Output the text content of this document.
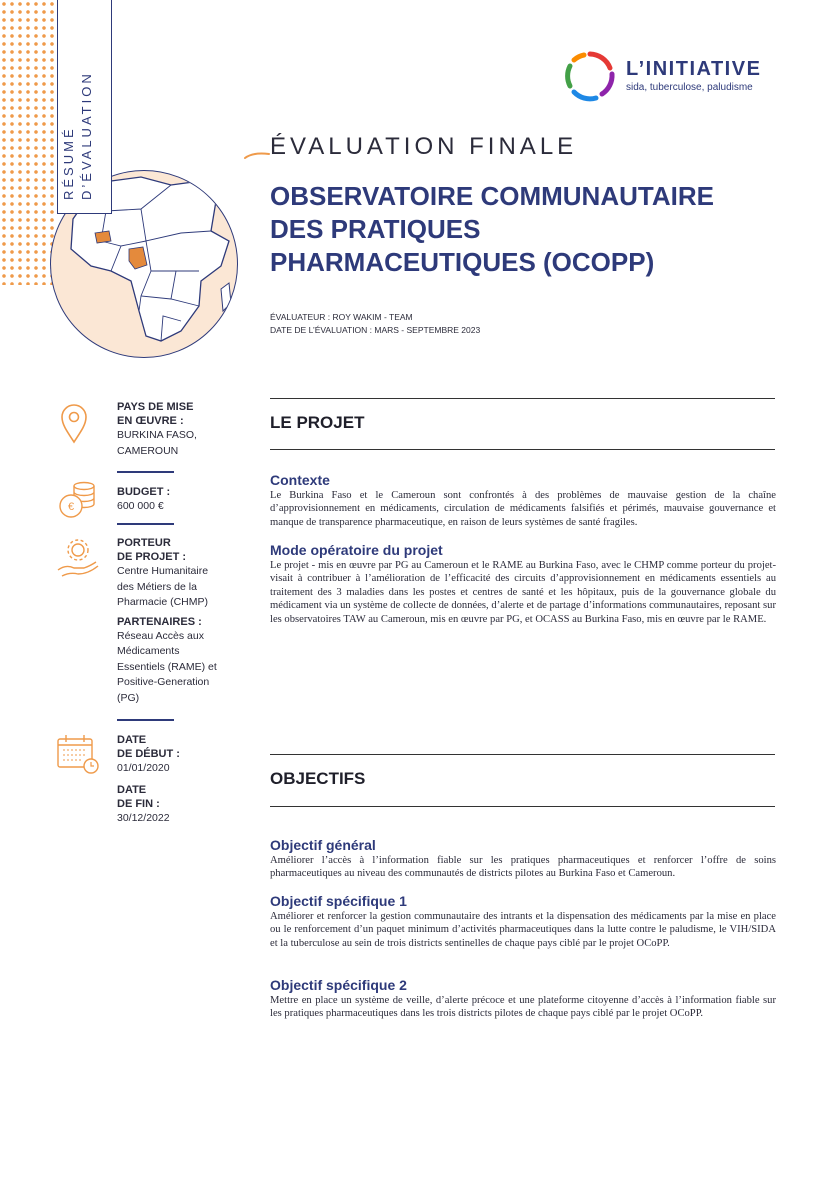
RÉSUMÉ D’ÉVALUATION
L’INITIATIVE
sida, tuberculose, paludisme
ÉVALUATION FINALE
OBSERVATOIRE COMMUNAUTAIRE
DES PRATIQUES
PHARMACEUTIQUES (OCOPP)
ÉVALUATEUR : ROY WAKIM - TEAM
DATE DE L’ÉVALUATION : MARS - SEPTEMBRE 2023
€
PAYS DE MISE
EN ŒUVRE :
BURKINA FASO,
CAMEROUN
BUDGET :
600 000 €
PORTEUR
DE PROJET :
Centre Humanitaire des Métiers de la Pharmacie (CHMP)
PARTENAIRES :
Réseau Accès aux Médicaments Essentiels (RAME) et Positive-Generation (PG)
DATE
DE DÉBUT :
01/01/2020
DATE
DE FIN :
30/12/2022
LE PROJET
Contexte
Le Burkina Faso et le Cameroun sont confrontés à des problèmes de mauvaise gestion de la chaîne d’approvisionnement en médicaments, circulation de médicaments falsifiés et périmés, mauvaise gouvernance et manque de transparence pharmaceutique, en raison de leurs systèmes de santé fragiles.
Mode opératoire du projet
Le projet - mis en œuvre par PG au Cameroun et le RAME au Burkina Faso, avec le CHMP comme porteur du projet- visait à contribuer à l’amélioration de l’efficacité des circuits d’approvisionnement en médicaments essentiels au traitement des 3 maladies dans les postes et centres de santé et les hôpitaux, puis de la gouvernance globale du médicament via un système de collecte de données, d’alerte et de partage d’informations communautaires, reposant sur les observatoires TAW au Cameroun, mis en œuvre par PG, et OCASS au Burkina Faso, mis en œuvre par le RAME.
OBJECTIFS
Objectif général
Améliorer l’accès à l’information fiable sur les pratiques pharmaceutiques et renforcer l’offre de soins pharmaceutiques au niveau des communautés de districts pilotes au Burkina Faso et Cameroun.
Objectif spécifique 1
Améliorer et renforcer la gestion communautaire des intrants et la dispensation des médicaments par la mise en place ou le renforcement d’un paquet minimum d’activités pharmaceutiques dans la lutte contre le paludisme, le VIH/SIDA et la tuberculose au sein de trois districts sentinelles de chaque pays ciblé par le projet OCoPP.
Objectif spécifique 2
Mettre en place un système de veille, d’alerte précoce et une plateforme citoyenne d’accès à l’information fiable sur les pratiques pharmaceutiques dans les trois districts pilotes de chaque pays ciblé par le projet OCoPP.
